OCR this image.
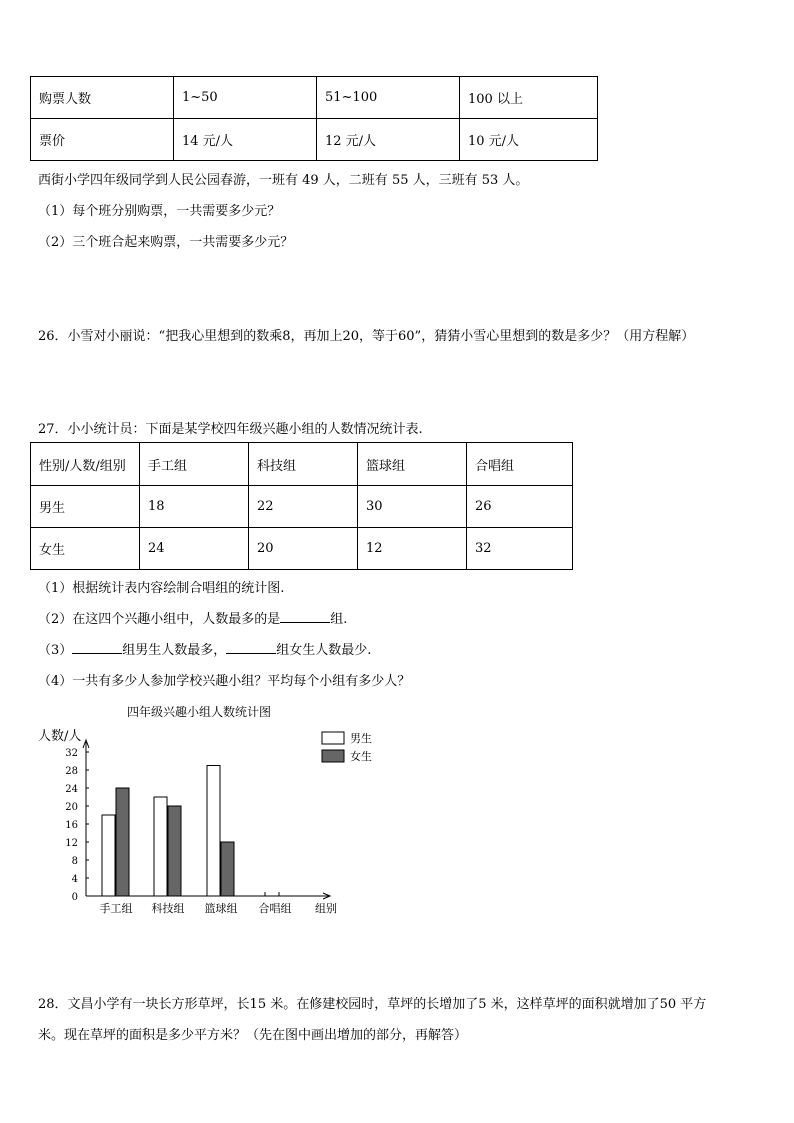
购票人数	1~50	51~100	100 以上
票价	14 元/人	12 元/人	10 元/人
西街小学四年级同学到人民公园春游，一班有 49 人，二班有 55 人，三班有 53 人。
（1）每个班分别购票，一共需要多少元？
（2）三个班合起来购票，一共需要多少元？
26．小雪对小丽说：“把我心里想到的数乘8，再加上20，等于60”，猜猜小雪心里想到的数是多少？（用方程解）
27．小小统计员：下面是某学校四年级兴趣小组的人数情况统计表.
性别/人数/组别	手工组	科技组	篮球组	合唱组
男生	18	22	30	26
女生	24	20	12	32
（1）根据统计表内容绘制合唱组的统计图.
（2）在这四个兴趣小组中，人数最多的是	组.
（3）	组男生人数最多，	组女生人数最少.
（4）一共有多少人参加学校兴趣小组？平均每个小组有多少人？
四年级兴趣小组人数统计图
人数/人
0
4
8
12
16
20
24
28
32
手工组 科技组 篮球组 合唱组 组别
男生
女生
28．文昌小学有一块长方形草坪，长15 米。在修建校园时，草坪的长增加了5 米，这样草坪的面积就增加了50 平方
米。现在草坪的面积是多少平方米？（先在图中画出增加的部分，再解答）
